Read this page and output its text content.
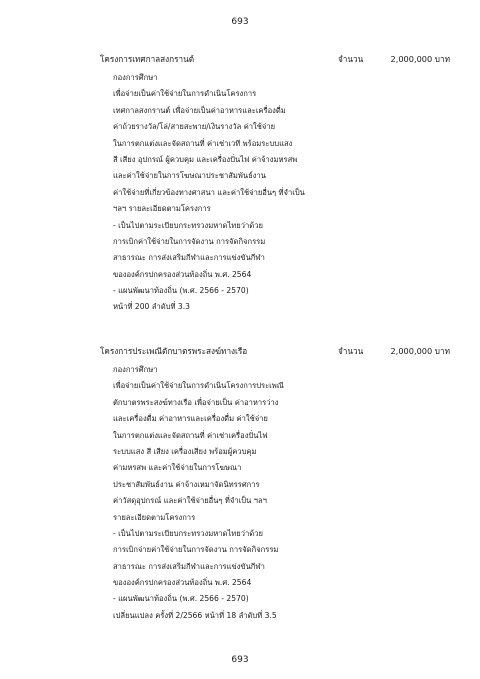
693
โครงการเทศกาลสงกรานต์	จำนวน	2,000,000 บาท
กองการศึกษา
เพื่อจ่ายเป็นค่าใช้จ่ายในการดำเนินโครงการ
เทศกาลสงกรานต์ เพื่อจ่ายเป็นค่าอาหารและเครื่องดื่ม
ค่าถ้วยรางวัล/โล่/สายสะพาย/เงินรางวัล ค่าใช้จ่าย
ในการตกแต่งและจัดสถานที่ ค่าเช่าเวที พร้อมระบบแสง
สี เสียง อุปกรณ์ ผู้ควบคุม และเครื่องปั่นไฟ ค่าจ้างมหรสพ
และค่าใช้จ่ายในการโฆษณาประชาสัมพันธ์งาน
ค่าใช้จ่ายที่เกี่ยวข้องทางศาสนา และค่าใช้จ่ายอื่นๆ ที่จำเป็น
ฯลฯ รายละเอียดตามโครงการ
- เป็นไปตามระเบียบกระทรวงมหาดไทยว่าด้วย
การเบิกค่าใช้จ่ายในการจัดงาน การจัดกิจกรรม
สาธารณะ การส่งเสริมกีฬาและการแข่งขันกีฬา
ขององค์กรปกครองส่วนท้องถิ่น พ.ศ. 2564
- แผนพัฒนาท้องถิ่น (พ.ศ. 2566 - 2570)
หน้าที่ 200 ลำดับที่ 3.3
โครงการประเพณีตักบาตรพระสงฆ์ทางเรือ	จำนวน	2,000,000 บาท
กองการศึกษา
เพื่อจ่ายเป็นค่าใช้จ่ายในการดำเนินโครงการประเพณี
ตักบาตรพระสงฆ์ทางเรือ เพื่อจ่ายเป็น ค่าอาหารว่าง
และเครื่องดื่ม ค่าอาหารและเครื่องดื่ม ค่าใช้จ่าย
ในการตกแต่งและจัดสถานที่ ค่าเช่าเครื่องปั่นไฟ
ระบบแสง สี เสียง เครื่องเสียง พร้อมผู้ควบคุม
ค่ามหรสพ และค่าใช้จ่ายในการโฆษณา
ประชาสัมพันธ์งาน ค่าจ้างเหมาจัดนิทรรศการ
ค่าวัสดุอุปกรณ์ และค่าใช้จ่ายอื่นๆ ที่จำเป็น ฯลฯ
รายละเอียดตามโครงการ
- เป็นไปตามระเบียบกระทรวงมหาดไทยว่าด้วย
การเบิกจ่ายค่าใช้จ่ายในการจัดงาน การจัดกิจกรรม
สาธารณะ การส่งเสริมกีฬาและการแข่งขันกีฬา
ขององค์กรปกครองส่วนท้องถิ่น พ.ศ. 2564
- แผนพัฒนาท้องถิ่น (พ.ศ. 2566 - 2570)
เปลี่ยนแปลง ครั้งที่ 2/2566 หน้าที่ 18 ลำดับที่ 3.5
693
